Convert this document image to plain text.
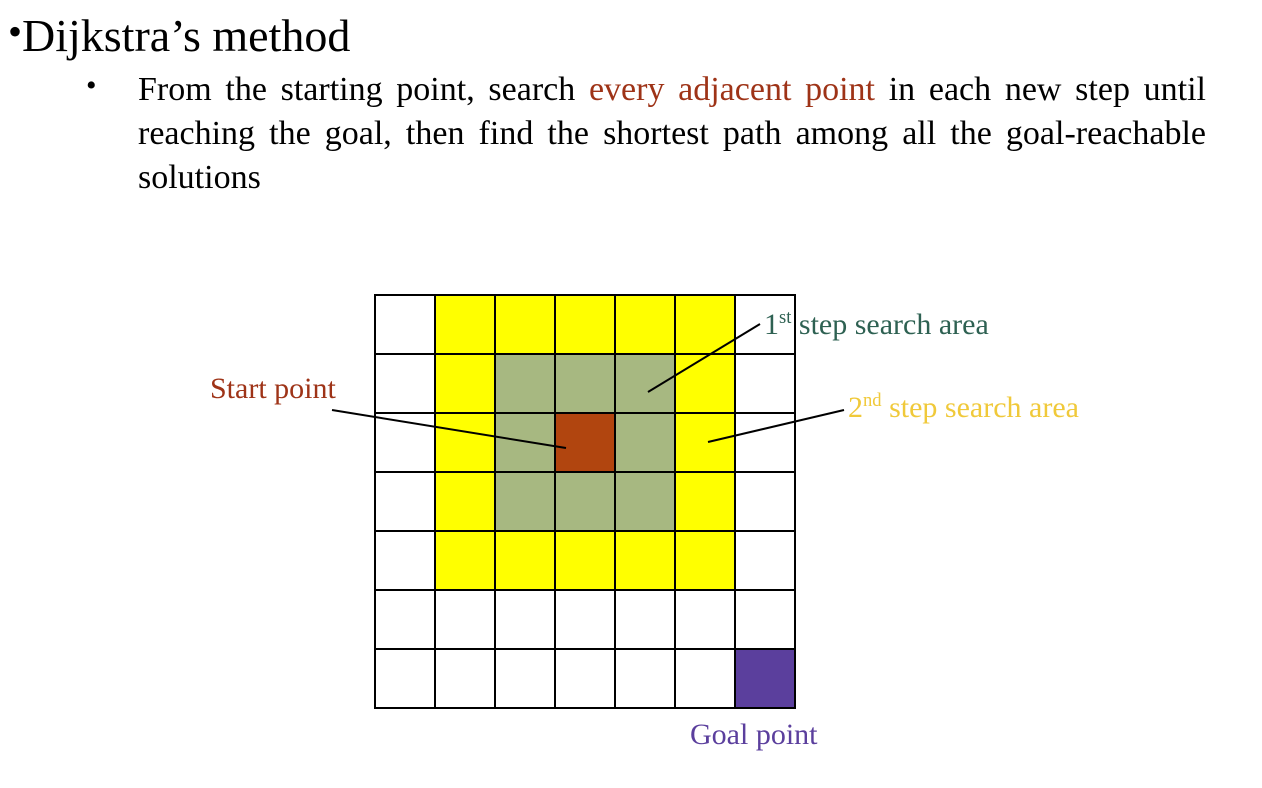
• Dijkstra’s method
•	From the starting point, search every adjacent point in each new step until reaching the goal, then find the shortest path among all the goal-reachable solutions
1st step search area
2nd step search area
Start point
Goal point
